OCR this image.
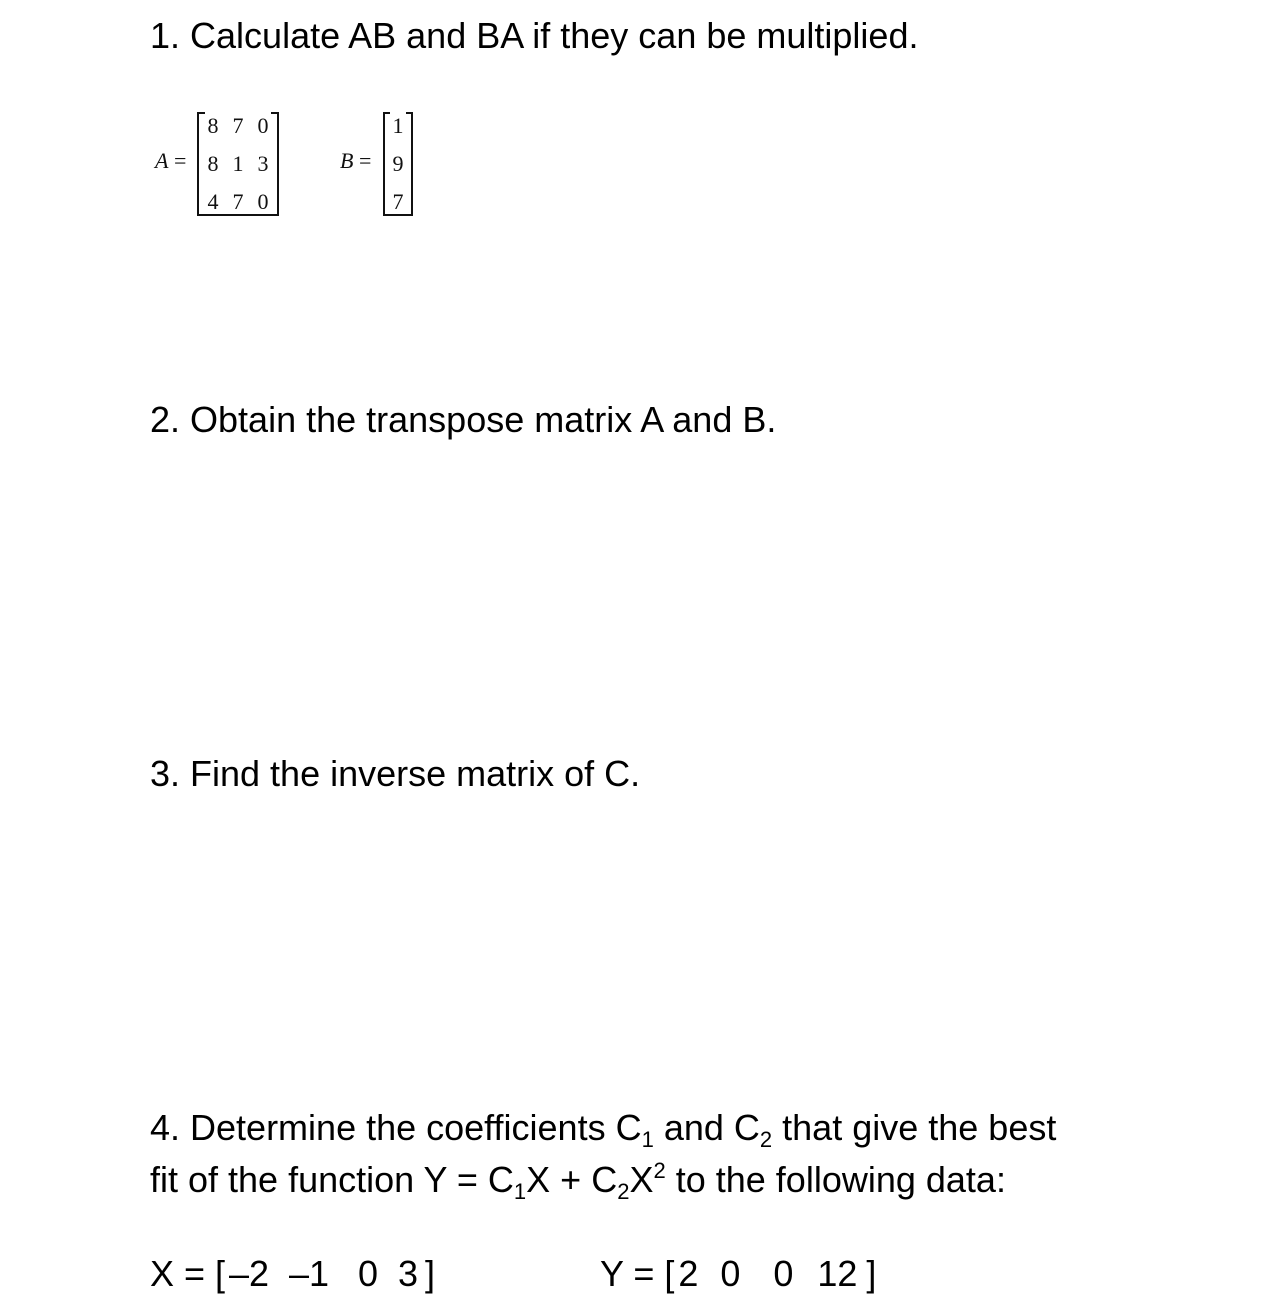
1. Calculate AB and BA if they can be multiplied.
A =
8 7 0
8 1 3
4 7 0
B =
1
9
7
2. Obtain the transpose matrix A and B.
3. Find the inverse matrix of C.
4. Determine the coefficients $C_1$ and $C_2$ that give the best
fit of the function $Y = C_1X + C_2X^2$ to the following data:
X = [ –2 –1 0 3 ]	Y = [ 2 0 0 12 ]
